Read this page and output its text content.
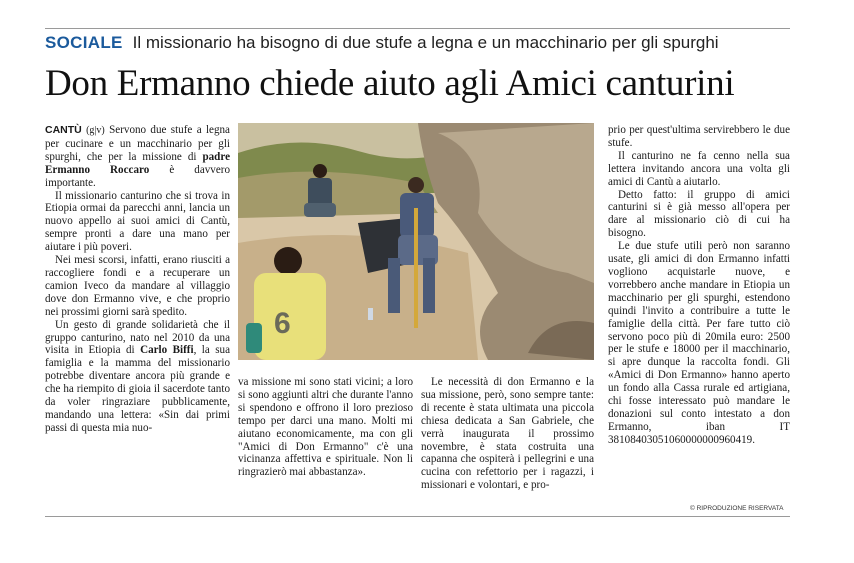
SOCIALE Il missionario ha bisogno di due stufe a legna e un macchinario per gli spurghi
Don Ermanno chiede aiuto agli Amici canturini

CANTÙ (g|v) Servono due stufe a legna per cucinare e un macchinario per gli spurghi, che per la missione di padre Ermanno Roccaro è davvero importante.

Il missionario canturino che si trova in Etiopia ormai da parecchi anni, lancia un nuovo appello ai suoi amici di Cantù, sempre pronti a dare una mano per aiutare i più poveri.

Nei mesi scorsi, infatti, erano riusciti a raccogliere fondi e a recuperare un camion Iveco da mandare al villaggio dove don Ermanno vive, e che proprio nei prossimi giorni sarà spedito.

Un gesto di grande solidarietà che il gruppo canturino, nato nel 2010 da una visita in Etiopia di Carlo Biffi, la sua famiglia e la mamma del missionario potrebbe diventare ancora più grande e che ha riempito di gioia il sacerdote tanto da voler ringraziare pubblicamente, mandando una lettera: «Sin dai primi passi di questa mia nuo-

6

va missione mi sono stati vicini; a loro si sono aggiunti altri che durante l'anno si spendono e offrono il loro prezioso tempo per darci una mano. Molti mi aiutano economicamente, ma con gli "Amici di Don Ermanno" c'è una vicinanza affettiva e spirituale. Non li ringrazierò mai abbastanza».

Le necessità di don Ermanno e la sua missione, però, sono sempre tante: di recente è stata ultimata una piccola chiesa dedicata a San Gabriele, che verrà inaugurata il prossimo novembre, è stata costruita una capanna che ospiterà i pellegrini e una cucina con refettorio per i ragazzi, i missionari e volontari, e pro-

prio per quest'ultima servirebbero le due stufe.

Il canturino ne fa cenno nella sua lettera invitando ancora una volta gli amici di Cantù a aiutarlo.

Detto fatto: il gruppo di amici canturini si è già messo all'opera per dare al missionario ciò di cui ha bisogno.

Le due stufe utili però non saranno usate, gli amici di don Ermanno infatti vogliono acquistarle nuove, e vorrebbero anche mandare in Etiopia un macchinario per gli spurghi, estendono quindi l'invito a contribuire a tutte le famiglie della città. Per fare tutto ciò servono poco più di 20mila euro: 2500 per le stufe e 18000 per il macchinario, si apre dunque la raccolta fondi. Gli «Amici di Don Ermanno» hanno aperto un fondo alla Cassa rurale ed artigiana, chi fosse interessato può mandare le donazioni sul conto intestato a don Ermanno, iban IT 38108403051060000000960419.

© RIPRODUZIONE RISERVATA
